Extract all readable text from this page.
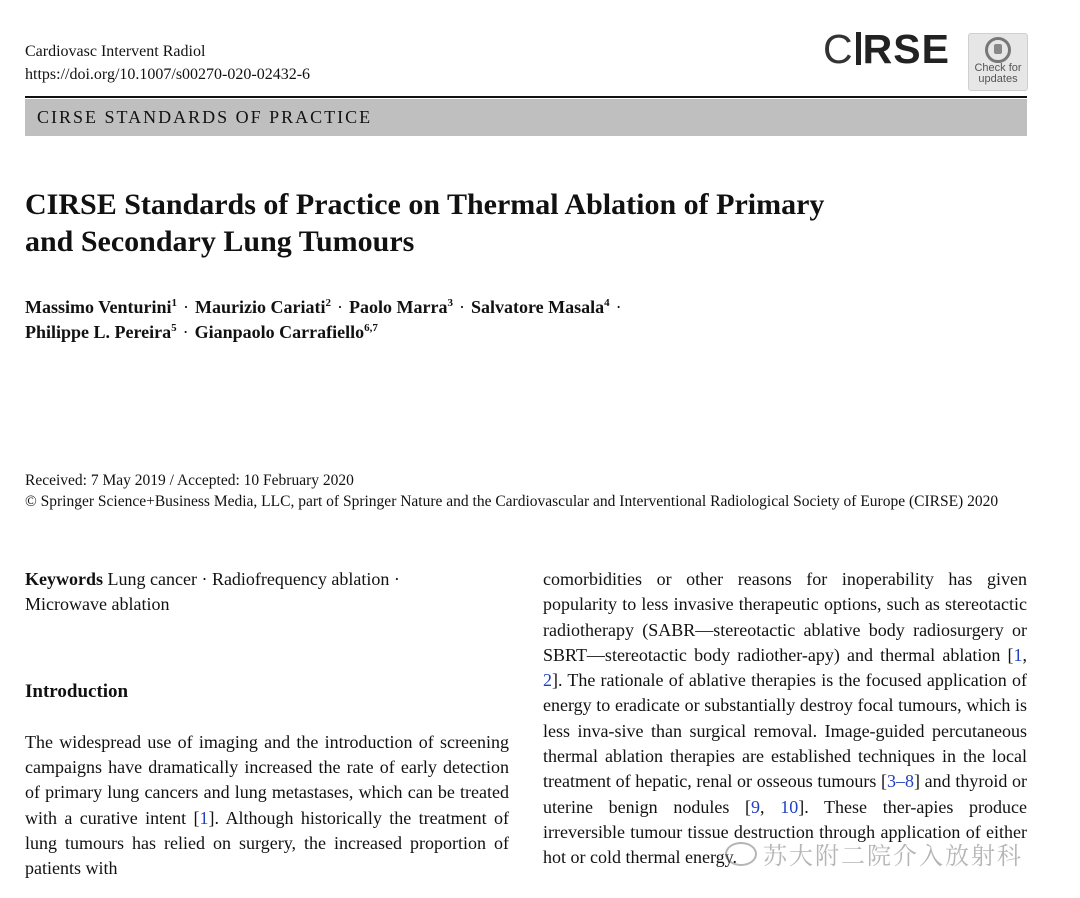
Cardiovasc Intervent Radiol
https://doi.org/10.1007/s00270-020-02432-6
C RSE	Check for
updates
CIRSE STANDARDS OF PRACTICE
CIRSE Standards of Practice on Thermal Ablation of Primary
and Secondary Lung Tumours
Massimo Venturini$^1$ · Maurizio Cariati$^2$ · Paolo Marra$^3$ · Salvatore Masala$^4$ ·
Philippe L. Pereira$^5$ · Gianpaolo Carrafiello$^{6,7}$
Received: 7 May 2019 / Accepted: 10 February 2020
© Springer Science+Business Media, LLC, part of Springer Nature and the Cardiovascular and Interventional Radiological Society of Europe (CIRSE) 2020
Keywords Lung cancer · Radiofrequency ablation ·
Microwave ablation
Introduction

The widespread use of imaging and the introduction of screening campaigns have dramatically increased the rate of early detection of primary lung cancers and lung metastases, which can be treated with a curative intent [1]. Although historically the treatment of lung tumours has relied on surgery, the increased proportion of patients with

comorbidities or other reasons for inoperability has given popularity to less invasive therapeutic options, such as stereotactic radiotherapy (SABR—stereotactic ablative body radiosurgery or SBRT—stereotactic body radiother-apy) and thermal ablation [1, 2]. The rationale of ablative therapies is the focused application of energy to eradicate or substantially destroy focal tumours, which is less inva-sive than surgical removal. Image-guided percutaneous thermal ablation therapies are established techniques in the local treatment of hepatic, renal or osseous tumours [3–8] and thyroid or uterine benign nodules [9, 10]. These ther-apies produce irreversible tumour tissue destruction through application of either hot or cold thermal energy.	苏大附二院介入放射科
